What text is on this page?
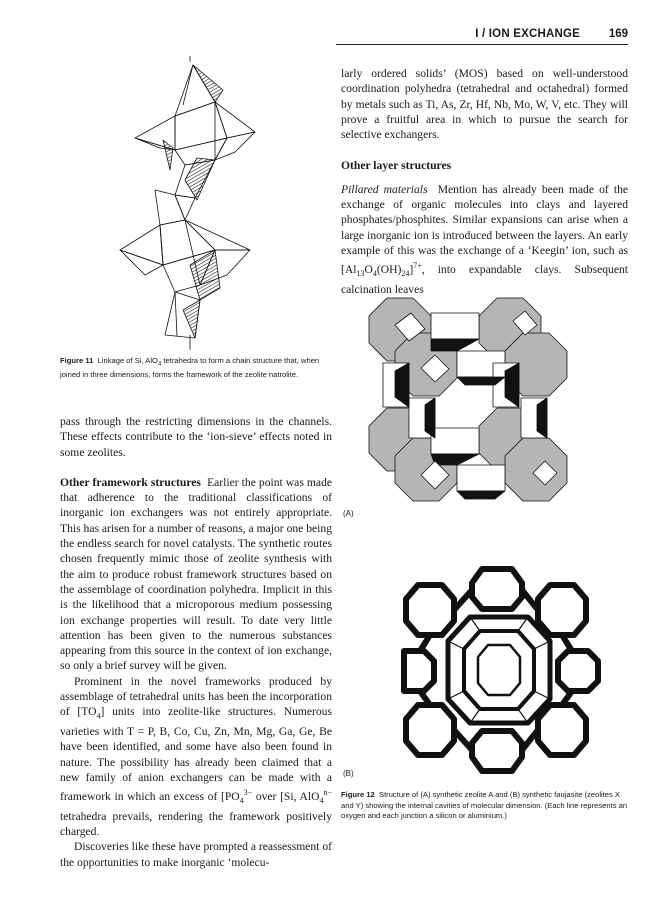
I / ION EXCHANGE	169
Figure 11 Linkage of Si, AlO$_4$ tetrahedra to form a chain structure that, when joined in three dimensions, forms the framework of the zeolite natrolite.

pass through the restricting dimensions in the channels. These effects contribute to the ‘ion-sieve’ effects noted in some zeolites.

Other framework structures Earlier the point was made that adherence to the traditional classifications of inorganic ion exchangers was not entirely appropriate. This has arisen for a number of reasons, a major one being the endless search for novel catalysts. The synthetic routes chosen frequently mimic those of zeolite synthesis with the aim to produce robust framework structures based on the assemblage of coordination polyhedra. Implicit in this is the likelihood that a microporous medium possessing ion exchange properties will result. To date very little attention has been given to the numerous substances appearing from this source in the context of ion exchange, so only a brief survey will be given.

Prominent in the novel frameworks produced by assemblage of tetrahedral units has been the incorporation of $[TO_4]$ units into zeolite-like structures. Numerous varieties with T = P, B, Co, Cu, Zn, Mn, Mg, Ga, Ge, Be have been identified, and some have also been found in nature. The possibility has already been claimed that a new family of anion exchangers can be made with a framework in which an excess of [$PO_4^{3-}$ over [Si, AlO$_4^{n-}$ tetrahedra prevails, rendering the framework positively charged.

Discoveries like these have prompted a reassessment of the opportunities to make inorganic ‘molecu-

larly ordered solids’ (MOS) based on well-understood coordination polyhedra (tetrahedral and octahedral) formed by metals such as Ti, As, Zr, Hf, Nb, Mo, W, V, etc. They will prove a fruitful area in which to pursue the search for selective exchangers.

Other layer structures

Pillared materials Mention has already been made of the exchange of organic molecules into clays and layered phosphates/phosphites. Similar expansions can arise when a large inorganic ion is introduced between the layers. An early example of this was the exchange of a ‘Keegin’ ion, such as $[Al_{13}O_4(OH)_{24}]^{7+}$, into expandable clays. Subsequent calcination leaves

(A)
(B)
Figure 12 Structure of (A) synthetic zeolite A and (B) synthetic faujasite (zeolites X and Y) showing the internal cavities of molecular dimension. (Each line represents an oxygen and each junction a silicon or aluminium.)
